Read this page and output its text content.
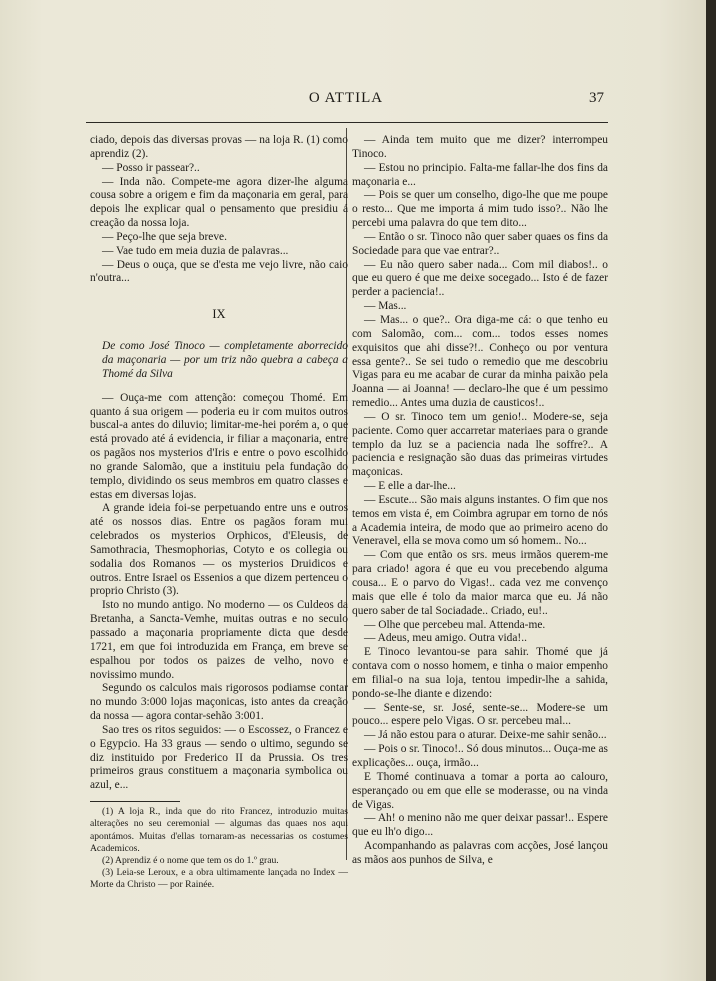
O ATTILA	37

ciado, depois das diversas provas — na loja R. (1) como aprendiz (2).

— Posso ir passear?..

— Inda não. Compete-me agora dizer-lhe alguma cousa sobre a origem e fim da maçonaria em geral, para depois lhe explicar qual o pensamento que presidiu á creação da nossa loja.

— Peço-lhe que seja breve.

— Vae tudo em meia duzia de palavras...

— Deus o ouça, que se d'esta me vejo livre, não caio n'outra...

IX

De como José Tinoco — completamente aborrecido da maçonaria — por um triz não quebra a cabeça a Thomé da Silva

— Ouça-me com attenção: começou Thomé. Em quanto á sua origem — poderia eu ir com muitos outros buscal-a antes do diluvio; limitar-me-hei porém a, o que está provado até á evidencia, ir filiar a maçonaria, entre os pagãos nos mysterios d'Iris e entre o povo escolhido no grande Salomão, que a instituiu pela fundação do templo, dividindo os seus membros em quatro classes e estas em diversas lojas.

A grande ideia foi-se perpetuando entre uns e outros até os nossos dias. Entre os pagãos foram mui celebrados os mysterios Orphicos, d'Eleusis, de Samothracia, Thesmophorias, Cotyto e os collegia ou sodalia dos Romanos — os mysterios Druidicos e outros. Entre Israel os Essenios a que dizem pertenceu o proprio Christo (3).

Isto no mundo antigo. No moderno — os Culdeos da Bretanha, a Sancta-Vemhe, muitas outras e no seculo passado a maçonaria propriamente dicta que desde 1721, em que foi introduzida em França, em breve se espalhou por todos os paizes de velho, novo e novissimo mundo.

Segundo os calculos mais rigorosos podiamse contar no mundo 3:000 lojas maçonicas, isto antes da creação da nossa — agora contar-sehão 3:001.

Sao tres os ritos seguidos: — o Escossez, o Francez e o Egypcio. Ha 33 graus — sendo o ultimo, segundo se diz instituido por Frederico II da Prussia. Os tres primeiros graus constituem a maçonaria symbolica ou azul, e...

(1) A loja R., inda que do rito Francez, introduzio muitas alterações no seu ceremonial — algumas das quaes nos aqui apontámos. Muitas d'ellas tornaram-as necessarias os costumes Academicos.

(2) Aprendiz é o nome que tem os do 1.º grau.

(3) Leia-se Leroux, e a obra ultimamente lançada no Index — Morte da Christo — por Rainée.

— Ainda tem muito que me dizer? interrompeu Tinoco.

— Estou no principio. Falta-me fallar-lhe dos fins da maçonaria e...

— Pois se quer um conselho, digo-lhe que me poupe o resto... Que me importa á mim tudo isso?.. Não lhe percebi uma palavra do que tem dito...

— Então o sr. Tinoco não quer saber quaes os fins da Sociedade para que vae entrar?..

— Eu não quero saber nada... Com mil diabos!.. o que eu quero é que me deixe socegado... Isto é de fazer perder a paciencia!..

— Mas...

— Mas... o que?.. Ora diga-me cá: o que tenho eu com Salomão, com... com... todos esses nomes exquisitos que ahi disse?!.. Conheço ou por ventura essa gente?.. Se sei tudo o remedio que me descobriu Vigas para eu me acabar de curar da minha paixão pela Joanna — ai Joanna! — declaro-lhe que é um pessimo remedio... Antes uma duzia de causticos!..

— O sr. Tinoco tem um genio!.. Modere-se, seja paciente. Como quer accarretar materiaes para o grande templo da luz se a paciencia nada lhe soffre?.. A paciencia e resignação são duas das primeiras virtudes maçonicas.

— E elle a dar-lhe...

— Escute... São mais alguns instantes. O fim que nos temos em vista é, em Coimbra agrupar em torno de nós a Academia inteira, de modo que ao primeiro aceno do Veneravel, ella se mova como um só homem.. No...

— Com que então os srs. meus irmãos querem-me para criado! agora é que eu vou precebendo alguma cousa... E o parvo do Vigas!.. cada vez me convenço mais que elle é tolo da maior marca que eu. Já não quero saber de tal Sociadade.. Criado, eu!..

— Olhe que percebeu mal. Attenda-me.

— Adeus, meu amigo. Outra vida!..

E Tinoco levantou-se para sahir. Thomé que já contava com o nosso homem, e tinha o maior empenho em filial-o na sua loja, tentou impedir-lhe a sahida, pondo-se-lhe diante e dizendo:

— Sente-se, sr. José, sente-se... Modere-se um pouco... espere pelo Vigas. O sr. percebeu mal...

— Já não estou para o aturar. Deixe-me sahir senão...

— Pois o sr. Tinoco!.. Só dous minutos... Ouça-me as explicações... ouça, irmão...

E Thomé continuava a tomar a porta ao calouro, esperançado ou em que elle se moderasse, ou na vinda de Vigas.

— Ah! o menino não me quer deixar passar!.. Espere que eu lh'o digo...

Acompanhando as palavras com acções, José lançou as mãos aos punhos de Silva, e
